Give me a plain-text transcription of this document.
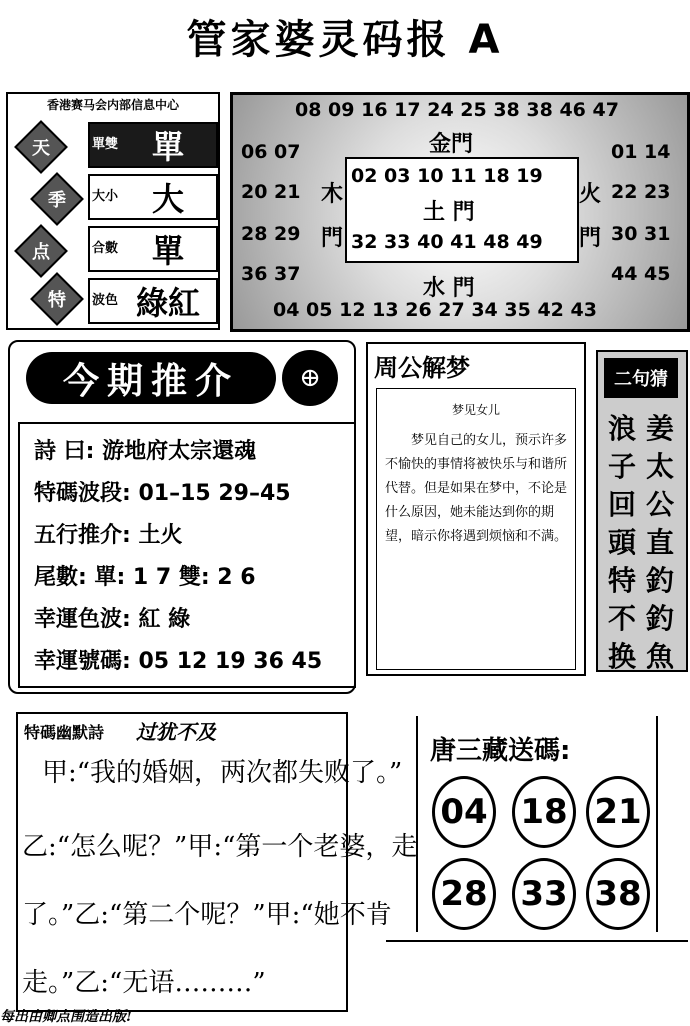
管家婆灵码报 A
香港赛马会内部信息中心
天
季
点
特
單雙	單
大小	大
合數	單
波色 綠紅
08 09 16 17 24 25 38 38 46 47
金門
06 07
20 21
28 29
36 37
木
門
02 03 10 11 18 19
土 門
32 33 40 41 48 49
火
門
01 14
22 23
30 31
44 45
水 門
04 05 12 13 26 27 34 35 42 43
今期推介	⊕
詩 曰: 游地府太宗還魂
特碼波段: 01–15 29–45
五行推介: 土火
尾數: 單: 1 7 雙: 2 6
幸運色波: 紅 綠
幸運號碼: 05 12 19 36 45
周公解梦
梦见女儿
梦见自己的女儿，预示许多不愉快的事情将被快乐与和谐所代替。但是如果在梦中，不论是什么原因，她未能达到你的期望，暗示你将遇到烦恼和不满。
二句猜
姜太公直釣釣魚
浪子回頭特不换
特碼幽默詩 过犹不及
甲:“我的婚姻，两次都失败了。”
乙:“怎么呢？”甲:“第一个老婆，走
了。”乙:“第二个呢？”甲:“她不肯
走。”乙:“无语………”
唐三藏送碼:
04 18 21
28 33 38
每出由卿点围造出版!
